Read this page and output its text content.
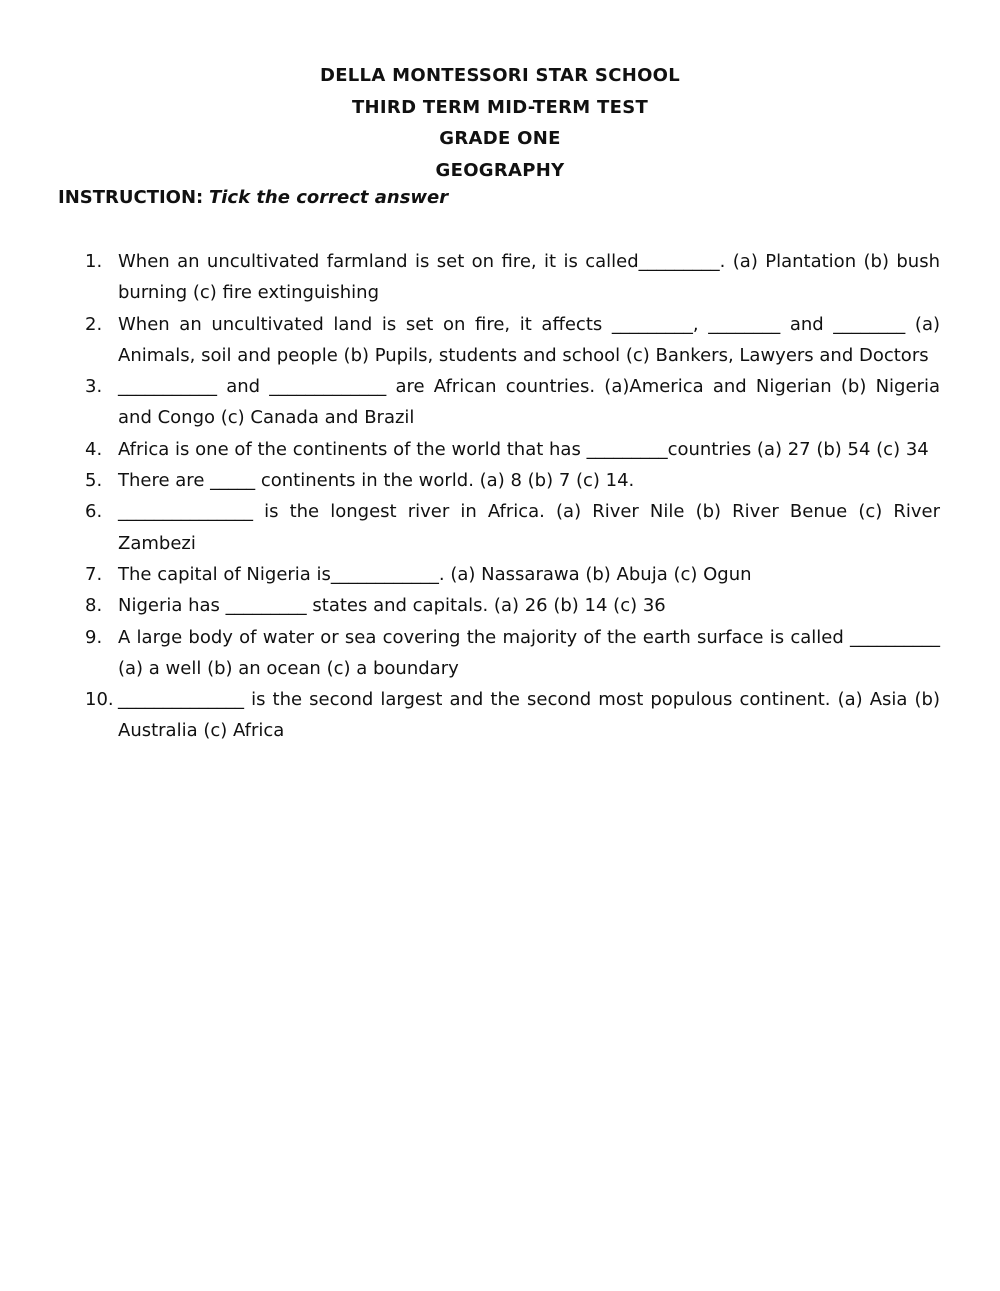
DELLA MONTESSORI STAR SCHOOL
THIRD TERM MID-TERM TEST
GRADE ONE
GEOGRAPHY
INSTRUCTION: Tick the correct answer
1. When an uncultivated farmland is set on fire, it is called_________. (a) Plantation (b) bush burning (c) fire extinguishing
2. When an uncultivated land is set on fire, it affects _________, ________ and ________ (a) Animals, soil and people (b) Pupils, students and school (c) Bankers, Lawyers and Doctors
3. ___________ and _____________ are African countries. (a)America and Nigerian (b) Nigeria and Congo (c) Canada and Brazil
4. Africa is one of the continents of the world that has _________countries (a) 27 (b) 54 (c) 34
5. There are _____ continents in the world. (a) 8 (b) 7 (c) 14.
6. _______________ is the longest river in Africa. (a) River Nile (b) River Benue (c) River Zambezi
7. The capital of Nigeria is____________. (a) Nassarawa (b) Abuja (c) Ogun
8. Nigeria has _________ states and capitals. (a) 26 (b) 14 (c) 36
9. A large body of water or sea covering the majority of the earth surface is called __________ (a) a well (b) an ocean (c) a boundary
10. ______________ is the second largest and the second most populous continent. (a) Asia (b) Australia (c) Africa
